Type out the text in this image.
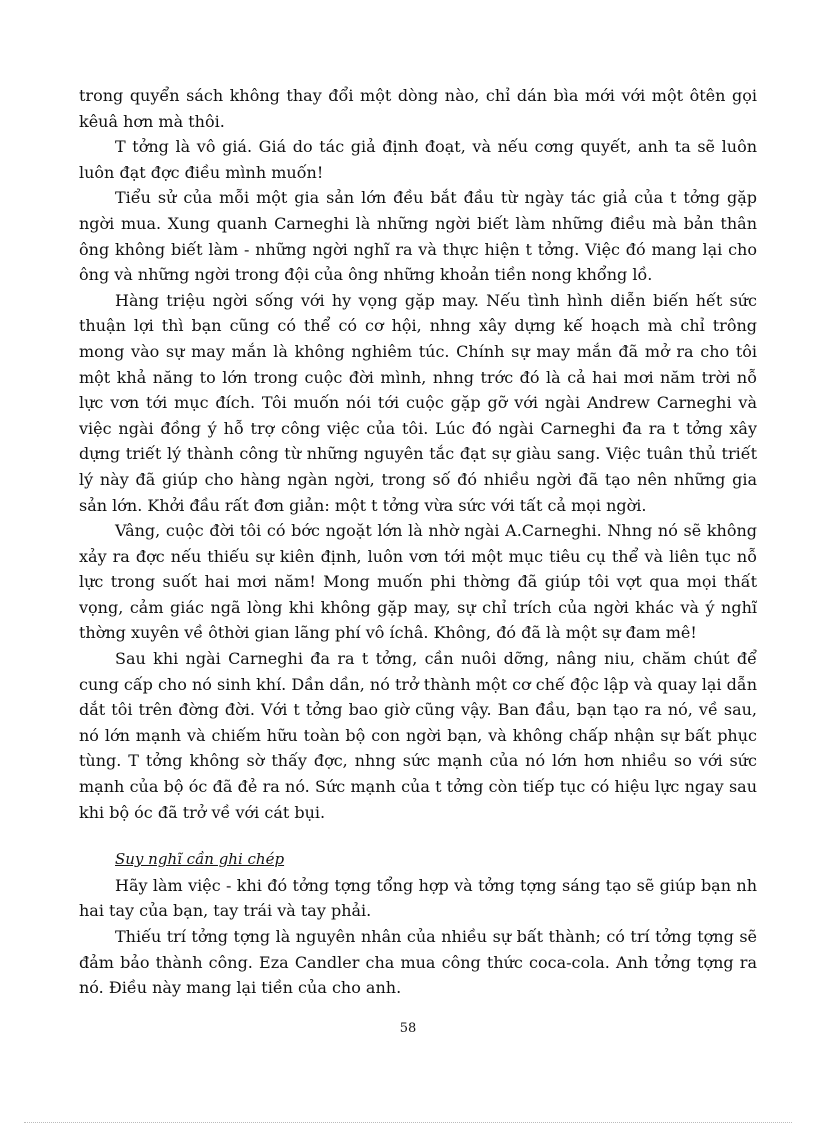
trong quyển sách không thay đổi một dòng nào, chỉ dán bìa mới với một ôtên gọi kêuâ hơn mà thôi.

T tởng là vô giá. Giá do tác giả định đoạt, và nếu cơng quyết, anh ta sẽ luôn luôn đạt đợc điều mình muốn!

Tiểu sử của mỗi một gia sản lớn đều bắt đầu từ ngày tác giả của t tởng gặp ngời mua. Xung quanh Carneghi là những ngời biết làm những điều mà bản thân ông không biết làm - những ngời nghĩ ra và thực hiện t tởng. Việc đó mang lại cho ông và những ngời trong đội của ông những khoản tiền nong khổng lồ.

Hàng triệu ngời sống với hy vọng gặp may. Nếu tình hình diễn biến hết sức thuận lợi thì bạn cũng có thể có cơ hội, nhng xây dựng kế hoạch mà chỉ trông mong vào sự may mắn là không nghiêm túc. Chính sự may mắn đã mở ra cho tôi một khả năng to lớn trong cuộc đời mình, nhng trớc đó là cả hai mơi năm trời nỗ lực vơn tới mục đích. Tôi muốn nói tới cuộc gặp gỡ với ngài Andrew Carneghi và việc ngài đồng ý hỗ trợ công việc của tôi. Lúc đó ngài Carneghi đa ra t tởng xây dựng triết lý thành công từ những nguyên tắc đạt sự giàu sang. Việc tuân thủ triết lý này đã giúp cho hàng ngàn ngời, trong số đó nhiều ngời đã tạo nên những gia sản lớn. Khởi đầu rất đơn giản: một t tởng vừa sức với tất cả mọi ngời.

Vâng, cuộc đời tôi có bớc ngoặt lớn là nhờ ngài A.Carneghi. Nhng nó sẽ không xảy ra đợc nếu thiếu sự kiên định, luôn vơn tới một mục tiêu cụ thể và liên tục nỗ lực trong suốt hai mơi năm! Mong muốn phi thờng đã giúp tôi vợt qua mọi thất vọng, cảm giác ngã lòng khi không gặp may, sự chỉ trích của ngời khác và ý nghĩ thờng xuyên về ôthời gian lãng phí vô íchâ. Không, đó đã là một sự đam mê!

Sau khi ngài Carneghi đa ra t tởng, cần nuôi dỡng, nâng niu, chăm chút để cung cấp cho nó sinh khí. Dần dần, nó trở thành một cơ chế độc lập và quay lại dẫn dắt tôi trên đờng đời. Với t tởng bao giờ cũng vậy. Ban đầu, bạn tạo ra nó, về sau, nó lớn mạnh và chiếm hữu toàn bộ con ngời bạn, và không chấp nhận sự bất phục tùng. T tởng không sờ thấy đợc, nhng sức mạnh của nó lớn hơn nhiều so với sức mạnh của bộ óc đã đẻ ra nó. Sức mạnh của t tởng còn tiếp tục có hiệu lực ngay sau khi bộ óc đã trở về với cát bụi.

Suy nghĩ cần ghi chép

Hãy làm việc - khi đó tởng tợng tổng hợp và tởng tợng sáng tạo sẽ giúp bạn nh hai tay của bạn, tay trái và tay phải.

Thiếu trí tởng tợng là nguyên nhân của nhiều sự bất thành; có trí tởng tợng sẽ đảm bảo thành công. Eza Candler cha mua công thức coca-cola. Anh tởng tợng ra nó. Điều này mang lại tiền của cho anh.

58
